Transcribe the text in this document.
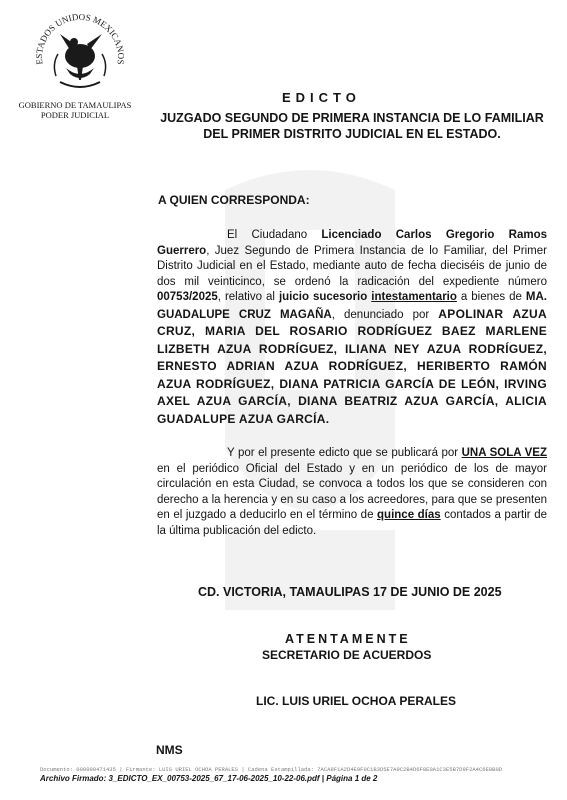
ESTADOS UNIDOS MEXICANOS
GOBIERNO DE TAMAULIPAS
PODER JUDICIAL
EDICTO
JUZGADO SEGUNDO DE PRIMERA INSTANCIA DE LO FAMILIAR
DEL PRIMER DISTRITO JUDICIAL EN EL ESTADO.
A QUIEN CORRESPONDA:
El Ciudadano Licenciado Carlos Gregorio Ramos Guerrero, Juez Segundo de Primera Instancia de lo Familiar, del Primer Distrito Judicial en el Estado, mediante auto de fecha dieciséis de junio de dos mil veinticinco, se ordenó la radicación del expediente número 00753/2025, relativo al juicio sucesorio intestamentario a bienes de MA. GUADALUPE CRUZ MAGAÑA, denunciado por APOLINAR AZUA CRUZ, MARIA DEL ROSARIO RODRÍGUEZ BAEZ MARLENE LIZBETH AZUA RODRÍGUEZ, ILIANA NEY AZUA RODRÍGUEZ, ERNESTO ADRIAN AZUA RODRÍGUEZ, HERIBERTO RAMÓN AZUA RODRÍGUEZ, DIANA PATRICIA GARCÍA DE LEÓN, IRVING AXEL AZUA GARCÍA, DIANA BEATRIZ AZUA GARCÍA, ALICIA GUADALUPE AZUA GARCÍA.
Y por el presente edicto que se publicará por UNA SOLA VEZ en el periódico Oficial del Estado y en un periódico de los de mayor circulación en esta Ciudad, se convoca a todos los que se consideren con derecho a la herencia y en su caso a los acreedores, para que se presenten en el juzgado a deducirlo en el término de quince días contados a partir de la última publicación del edicto.
CD. VICTORIA, TAMAULIPAS 17 DE JUNIO DE 2025
ATENTAMENTE
SECRETARIO DE ACUERDOS
LIC. LUIS URIEL OCHOA PERALES
NMS
Documento: 000000471435 | Firmante: LUIS URIEL OCHOA PERALES | Cadena Estampillada: 7ACA8F1A2D4E9F0C1B3D5E7A9C2B4D6F8E0A1C3E5B7D9F2A4C6E8B0D
Archivo Firmado: 3_EDICTO_EX_00753-2025_67_17-06-2025_10-22-06.pdf | Página 1 de 2
